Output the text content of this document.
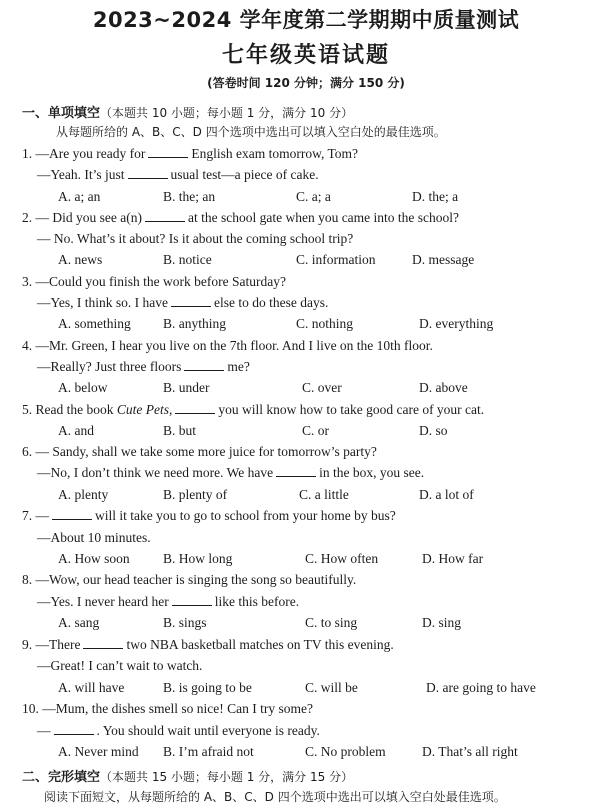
2023~2024 学年度第二学期期中质量测试
七年级英语试题
(答卷时间 120 分钟；满分 150 分)
一、单项填空（本题共 10 小题；每小题 1 分，满分 10 分）
从每题所给的 A、B、C、D 四个选项中选出可以填入空白处的最佳选项。
1. —Are you ready for	English exam tomorrow, Tom?
—Yeah. It’s just	usual test—a piece of cake.
A. a; an	B. the; an	C. a; a	D. the; a
2. — Did you see a(n)	at the school gate when you came into the school?
— No. What’s it about? Is it about the coming school trip?
A. news	B. notice	C. information	D. message
3. —Could you finish the work before Saturday?
—Yes, I think so. I have	else to do these days.
A. something B. anything	C. nothing	D. everything
4. —Mr. Green, I hear you live on the 7th floor. And I live on the 10th floor.
—Really? Just three floors	me?
A. below	B. under	C. over	D. above
5. Read the book Cute Pets,	you will know how to take good care of your cat.
A. and	B. but	C. or	D. so
6. — Sandy, shall we take some more juice for tomorrow’s party?
—No, I don’t think we need more. We have	in the box, you see.
A. plenty	B. plenty of	C. a little	D. a lot of
7. —	will it take you to go to school from your home by bus?
—About 10 minutes.
A. How soon B. How long	C. How often	D. How far
8. —Wow, our head teacher is singing the song so beautifully.
—Yes. I never heard her	like this before.
A. sang	B. sings	C. to sing	D. sing
9. —There	two NBA basketball matches on TV this evening.
—Great! I can’t wait to watch.
A. will have	B. is going to be	C. will be	D. are going to have
10. —Mum, the dishes smell so nice! Can I try some?
—	. You should wait until everyone is ready.
A. Never mind B. I’m afraid not	C. No problem	D. That’s all right
二、完形填空（本题共 15 小题；每小题 1 分，满分 15 分）
阅读下面短文，从每题所给的 A、B、C、D 四个选项中选出可以填入空白处最佳选项。
